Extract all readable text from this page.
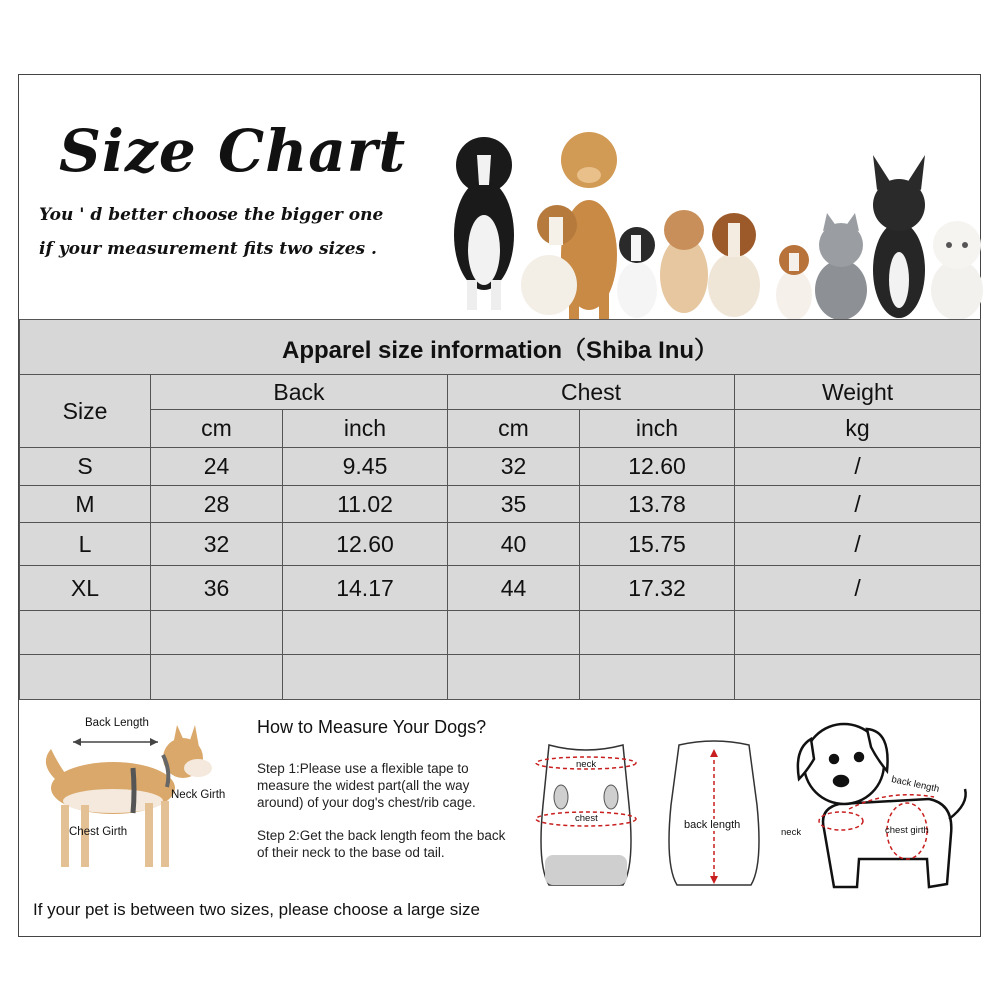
Size Chart
You ' d better choose the bigger one
if your measurement fits two sizes .
Apparel size information（Shiba Inu）					
Size	Back		Chest		Weight
	cm	inch	cm	inch	kg
S	24	9.45	32	12.60	/
M	28	11.02	35	13.78	/
L	32	12.60	40	15.75	/
XL	36	14.17	44	17.32	/

Back Length
Neck Girth
Chest Girth
How to Measure Your Dogs?
Step 1:Please use a flexible tape to measure the widest part(all the way around) of your dog's chest/rib cage.
Step 2:Get the back length feom the back of their neck to the base od tail.
neck
chest
back length
back length
neck	chest girth
If your pet is between two sizes, please choose a large size
